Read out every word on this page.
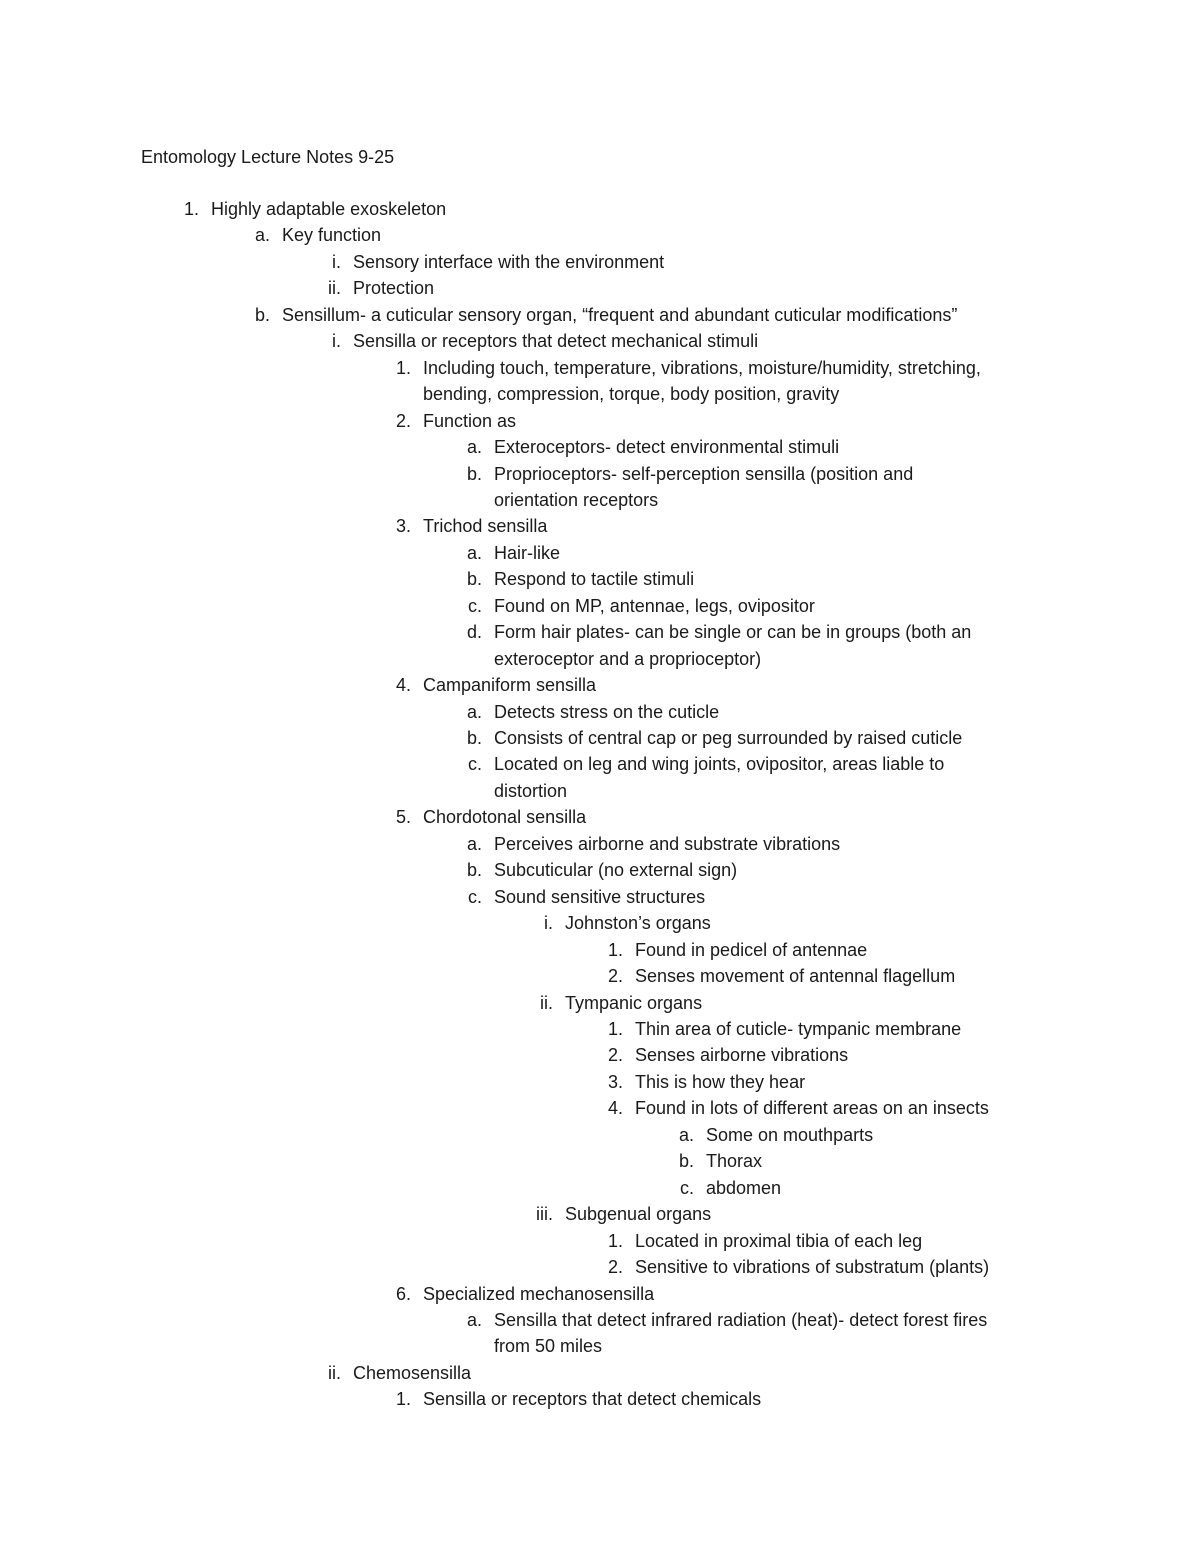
Entomology Lecture Notes 9-25
1. Highly adaptable exoskeleton
a. Key function
i. Sensory interface with the environment
ii. Protection
b. Sensillum- a cuticular sensory organ, “frequent and abundant cuticular modifications”
i. Sensilla or receptors that detect mechanical stimuli
1. Including touch, temperature, vibrations, moisture/humidity, stretching,
bending, compression, torque, body position, gravity
2. Function as
a. Exteroceptors- detect environmental stimuli
b. Proprioceptors- self-perception sensilla (position and
orientation receptors
3. Trichod sensilla
a. Hair-like
b. Respond to tactile stimuli
c. Found on MP, antennae, legs, ovipositor
d. Form hair plates- can be single or can be in groups (both an
exteroceptor and a proprioceptor)
4. Campaniform sensilla
a. Detects stress on the cuticle
b. Consists of central cap or peg surrounded by raised cuticle
c. Located on leg and wing joints, ovipositor, areas liable to
distortion
5. Chordotonal sensilla
a. Perceives airborne and substrate vibrations
b. Subcuticular (no external sign)
c. Sound sensitive structures
i. Johnston’s organs
1. Found in pedicel of antennae
2. Senses movement of antennal flagellum
ii. Tympanic organs
1. Thin area of cuticle- tympanic membrane
2. Senses airborne vibrations
3. This is how they hear
4. Found in lots of different areas on an insects
a. Some on mouthparts
b. Thorax
c. abdomen
iii. Subgenual organs
1. Located in proximal tibia of each leg
2. Sensitive to vibrations of substratum (plants)
6. Specialized mechanosensilla
a. Sensilla that detect infrared radiation (heat)- detect forest fires
from 50 miles
ii. Chemosensilla
1. Sensilla or receptors that detect chemicals
